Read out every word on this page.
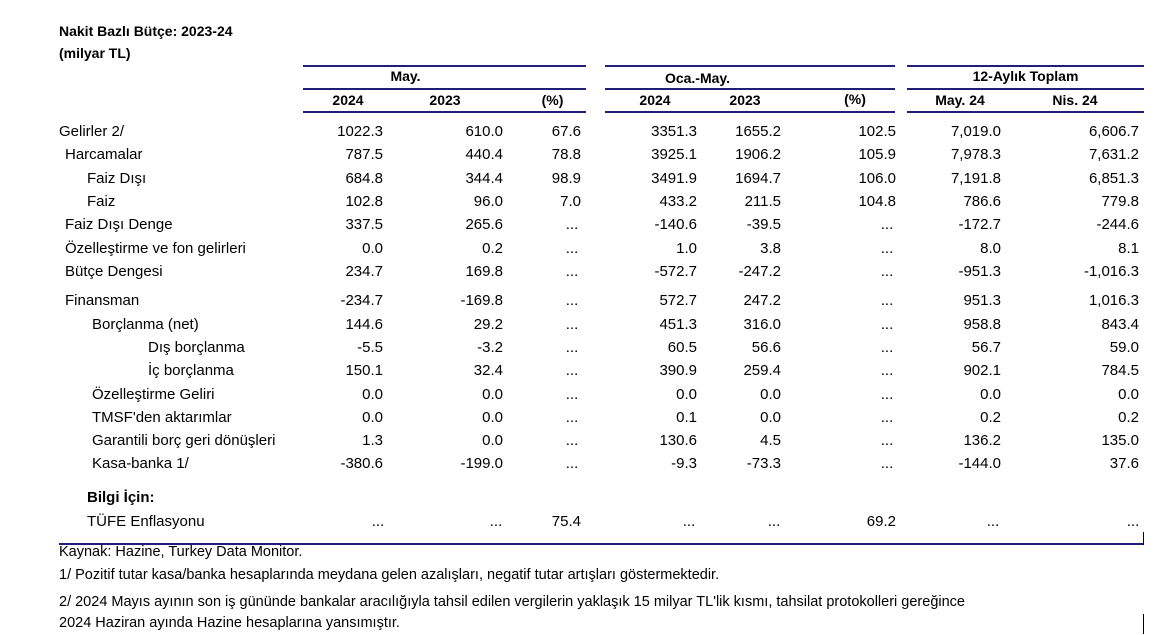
Nakit Bazlı Bütçe: 2023-24
(milyar TL)
May.	Oca.-May.	12-Aylık Toplam
2024	2023	(%)	2024	2023	(%)	May. 24	Nis. 24
Gelirler 2/	1022.3	610.0	67.6	3351.3	1655.2	102.5	7,019.0	6,606.7
Harcamalar	787.5	440.4	78.8	3925.1	1906.2	105.9	7,978.3	7,631.2
Faiz Dışı	684.8	344.4	98.9	3491.9	1694.7	106.0	7,191.8	6,851.3
Faiz	102.8	96.0	7.0	433.2	211.5	104.8	786.6	779.8
Faiz Dışı Denge	337.5	265.6	...	-140.6	-39.5	...	-172.7	-244.6
Özelleştirme ve fon gelirleri	0.0	0.2	...	1.0	3.8	...	8.0	8.1
Bütçe Dengesi	234.7	169.8	...	-572.7	-247.2	...	-951.3	-1,016.3
Finansman	-234.7	-169.8	...	572.7	247.2	...	951.3	1,016.3
Borçlanma (net)	144.6	29.2	...	451.3	316.0	...	958.8	843.4
Dış borçlanma	-5.5	-3.2	...	60.5	56.6	...	56.7	59.0
İç borçlanma	150.1	32.4	...	390.9	259.4	...	902.1	784.5
Özelleştirme Geliri	0.0	0.0	...	0.0	0.0	...	0.0	0.0
TMSF'den aktarımlar	0.0	0.0	...	0.1	0.0	...	0.2	0.2
Garantili borç geri dönüşleri	1.3	0.0	...	130.6	4.5	...	136.2	135.0
Kasa-banka 1/	-380.6	-199.0	...	-9.3	-73.3	...	-144.0	37.6
Bilgi İçin:
TÜFE Enflasyonu	...	...	75.4	...	...	69.2	...	...
Kaynak: Hazine, Turkey Data Monitor.
1/ Pozitif tutar kasa/banka hesaplarında meydana gelen azalışları, negatif tutar artışları göstermektedir.
2/ 2024 Mayıs ayının son iş gününde bankalar aracılığıyla tahsil edilen vergilerin yaklaşık 15 milyar TL'lik kısmı, tahsilat protokolleri gereğince
2024 Haziran ayında Hazine hesaplarına yansımıştır.
